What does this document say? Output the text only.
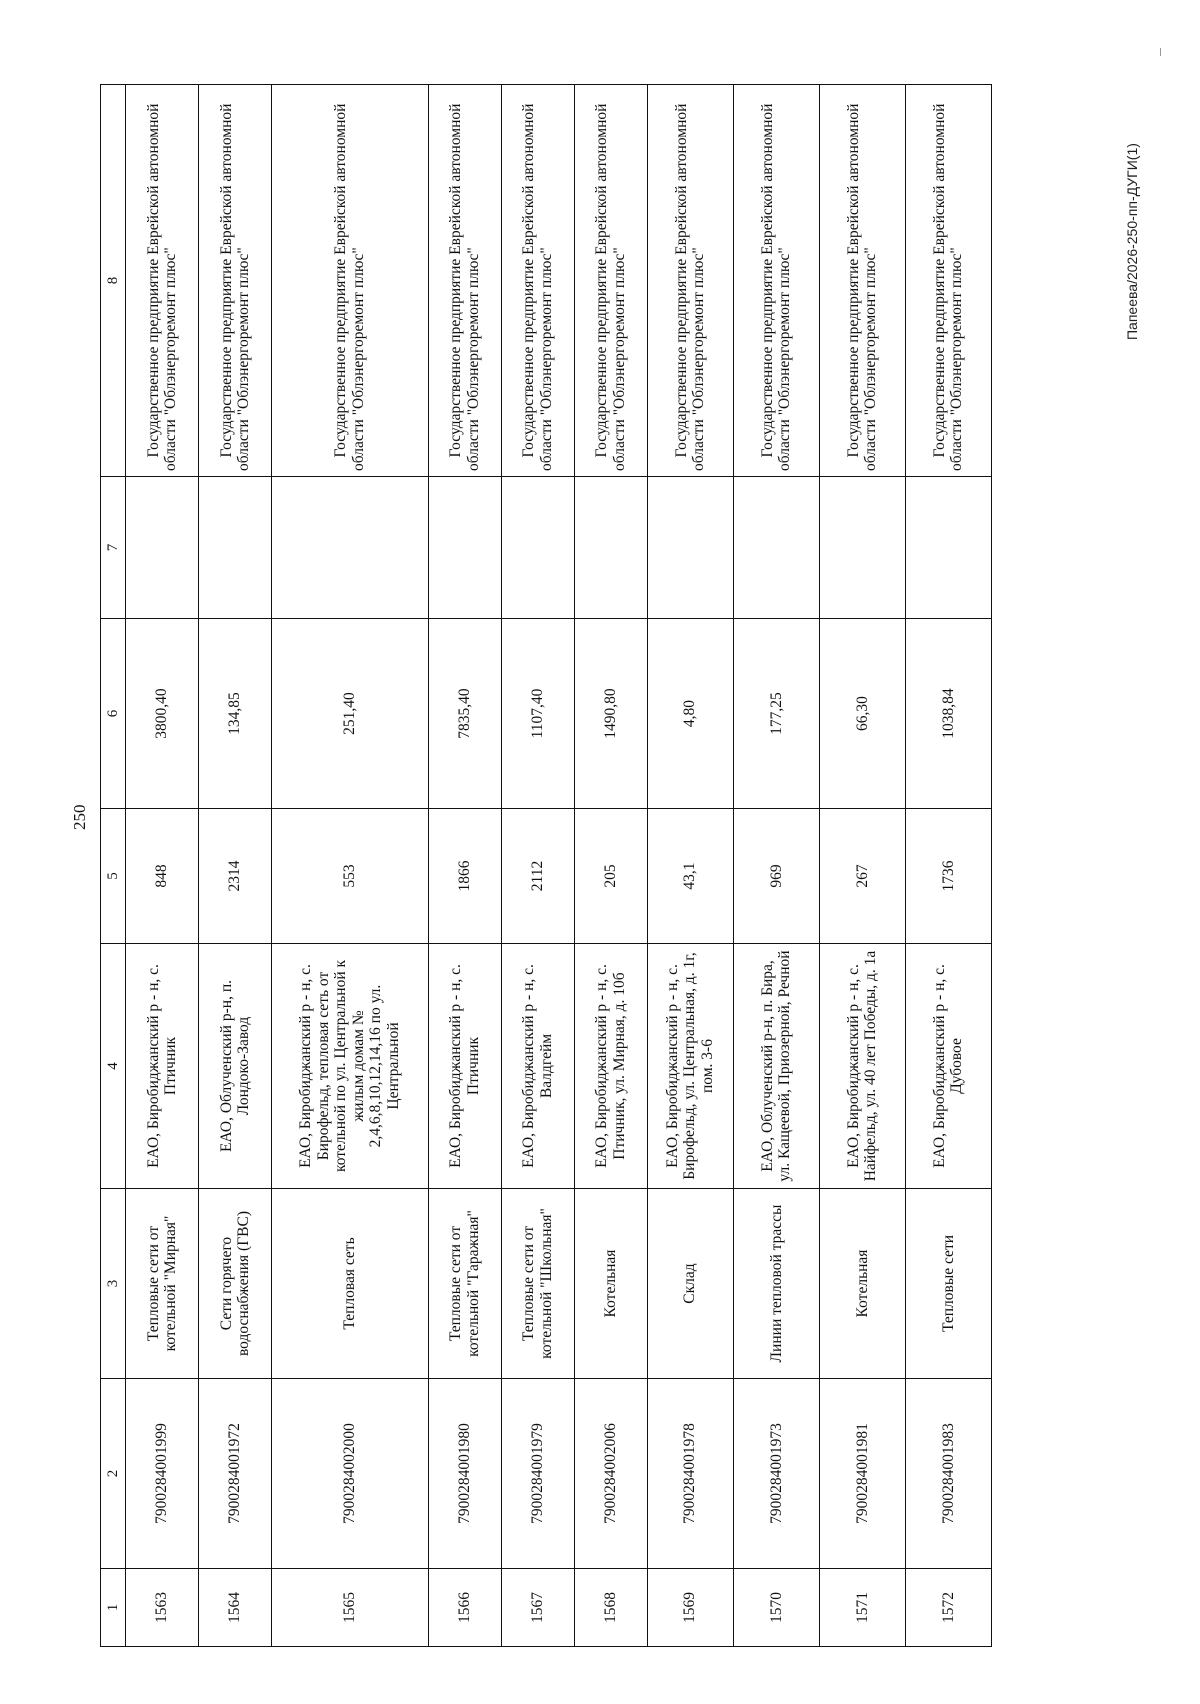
250
Папеева/2026-250-пп-ДУГИ(1)
1	2	3	4	5	6	7	8
1563	7900284001999	Тепловые сети от котельной "Мирная"	ЕАО, Биробиджанский р - н, с. Птичник	848	3800,40		Государственное предприятие Еврейской автономной области "Облэнергоремонт плюс"
1564	7900284001972	Сети горячего водоснабжения (ГВС)	ЕАО, Облученский р-н, п. Лондоко-Завод	2314	134,85		Государственное предприятие Еврейской автономной области "Облэнергоремонт плюс"
1565	7900284002000	Тепловая сеть	ЕАО, Биробиджанский р - н, с. Бирофельд, тепловая сеть от котельной по ул. Центральной к жилым домам № 2,4,6,8,10,12,14,16 по ул. Центральной	553	251,40		Государственное предприятие Еврейской автономной области "Облэнергоремонт плюс"
1566	7900284001980	Тепловые сети от котельной "Гаражная"	ЕАО, Биробиджанский р - н, с. Птичник	1866	7835,40		Государственное предприятие Еврейской автономной области "Облэнергоремонт плюс"
1567	7900284001979	Тепловые сети от котельной "Школьная"	ЕАО, Биробиджанский р - н, с. Валдгейм	2112	1107,40		Государственное предприятие Еврейской автономной области "Облэнергоремонт плюс"
1568	7900284002006	Котельная	ЕАО, Биробиджанский р - н, с. Птичник, ул. Мирная, д. 10б	205	1490,80		Государственное предприятие Еврейской автономной области "Облэнергоремонт плюс"
1569	7900284001978	Склад	ЕАО, Биробиджанский р - н, с. Бирофельд, ул. Центральная, д. 1г, пом. 3-6	43,1	4,80		Государственное предприятие Еврейской автономной области "Облэнергоремонт плюс"
1570	7900284001973	Линии тепловой трассы	ЕАО, Облученский р-н, п. Бира, ул. Кащеевой, Приозерной, Речной	969	177,25		Государственное предприятие Еврейской автономной области "Облэнергоремонт плюс"
1571	7900284001981	Котельная	ЕАО, Биробиджанский р - н, с. Найфельд, ул. 40 лет Победы, д. 1а	267	66,30		Государственное предприятие Еврейской автономной области "Облэнергоремонт плюс"
1572	7900284001983	Тепловые сети	ЕАО, Биробиджанский р - н, с. Дубовое	1736	1038,84		Государственное предприятие Еврейской автономной области "Облэнергоремонт плюс"
